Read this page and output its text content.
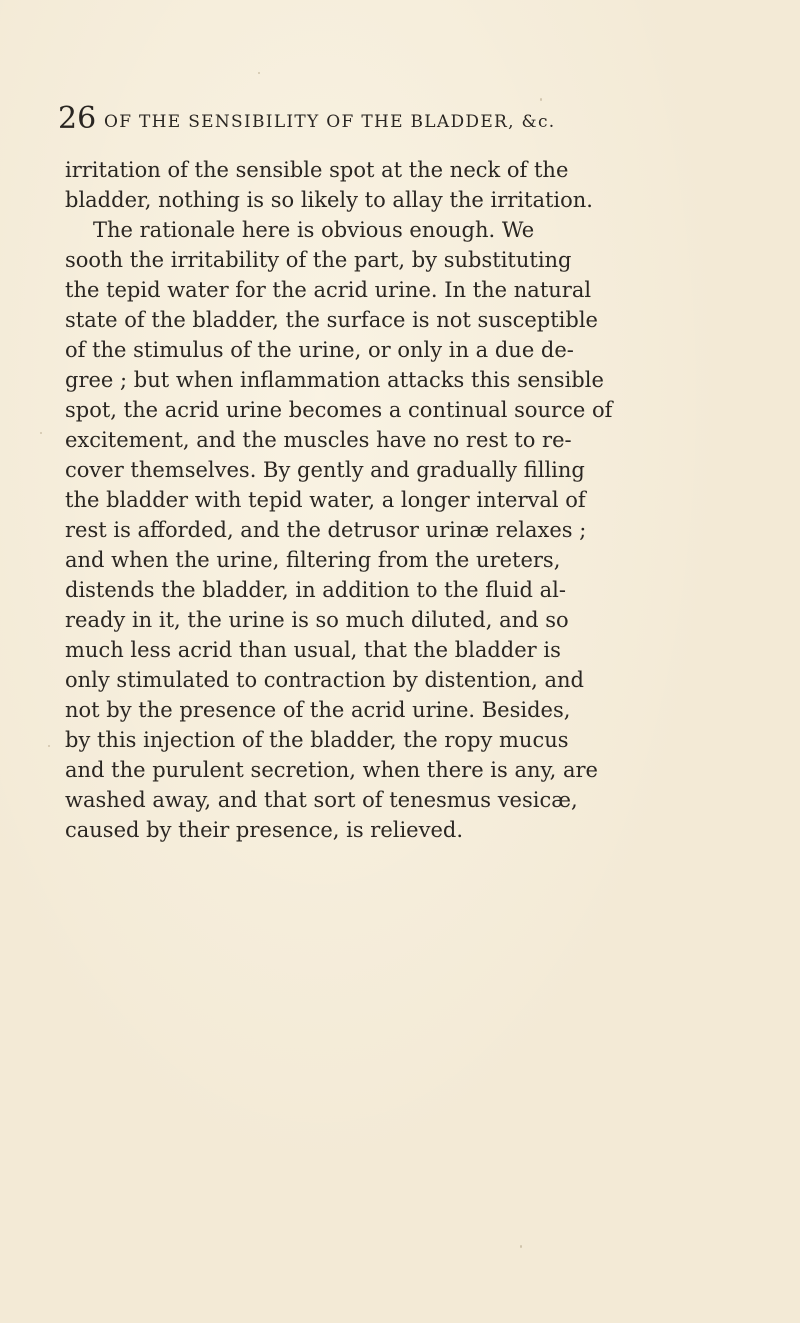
26 OF THE SENSIBILITY OF THE BLADDER, &c.
irritation of the sensible spot at the neck of the
bladder, nothing is so likely to allay the irritation.
The rationale here is obvious enough. We
sooth the irritability of the part, by substituting
the tepid water for the acrid urine. In the natural
state of the bladder, the surface is not susceptible
of the stimulus of the urine, or only in a due de-
gree ; but when inflammation attacks this sensible
spot, the acrid urine becomes a continual source of
excitement, and the muscles have no rest to re-
cover themselves. By gently and gradually filling
the bladder with tepid water, a longer interval of
rest is afforded, and the detrusor urinæ relaxes ;
and when the urine, filtering from the ureters,
distends the bladder, in addition to the fluid al-
ready in it, the urine is so much diluted, and so
much less acrid than usual, that the bladder is
only stimulated to contraction by distention, and
not by the presence of the acrid urine. Besides,
by this injection of the bladder, the ropy mucus
and the purulent secretion, when there is any, are
washed away, and that sort of tenesmus vesicæ,
caused by their presence, is relieved.
